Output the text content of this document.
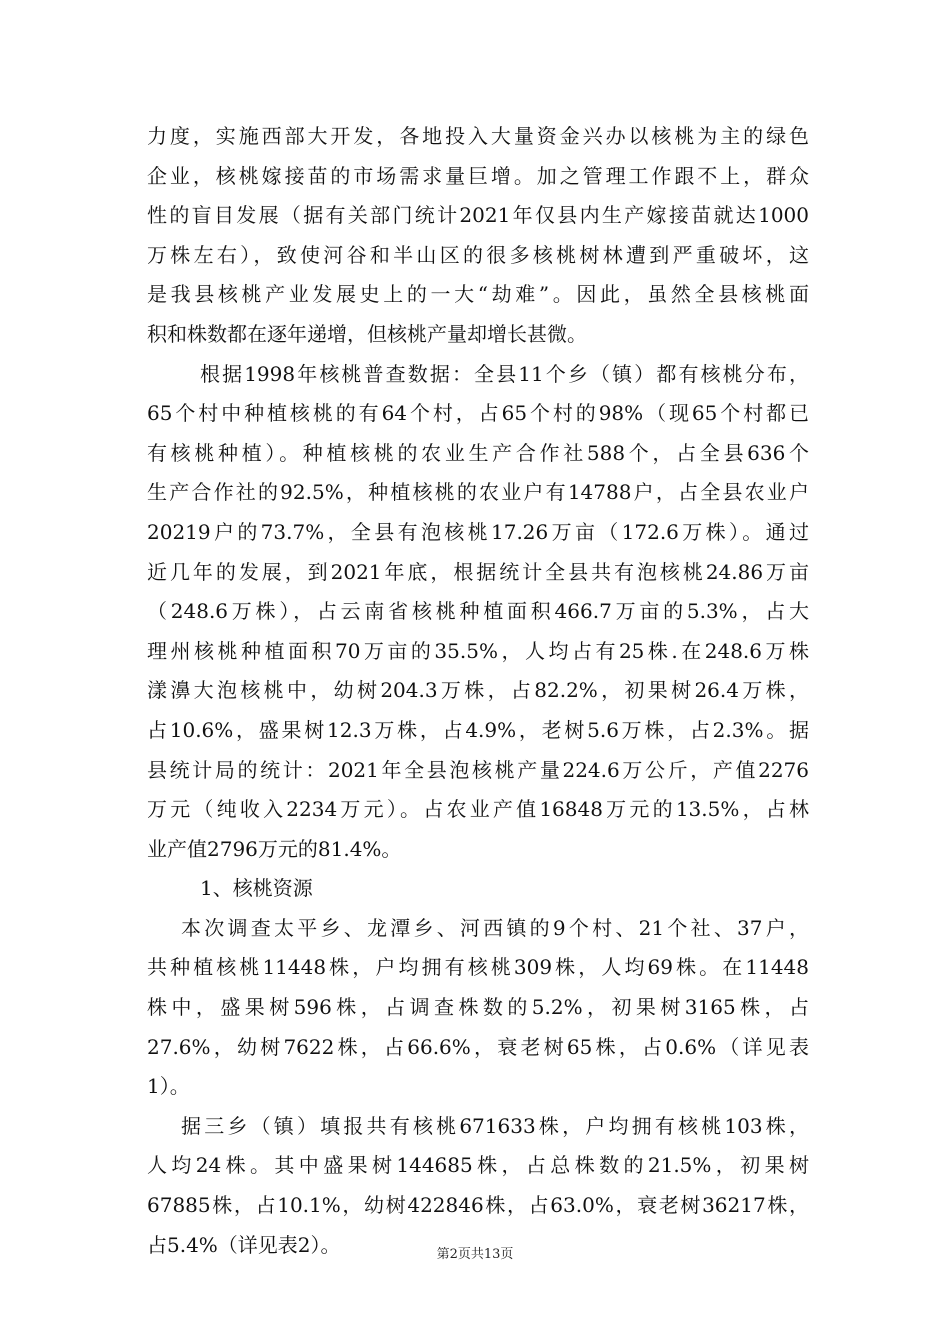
力度，实施西部大开发，各地投入大量资金兴办以核桃为主的绿色
企业，核桃嫁接苗的市场需求量巨增。加之管理工作跟不上，群众
性的盲目发展（据有关部门统计2021年仅县内生产嫁接苗就达1000
万株左右），致使河谷和半山区的很多核桃树林遭到严重破坏，这
是我县核桃产业发展史上的一大“劫难”。因此，虽然全县核桃面
积和株数都在逐年递增，但核桃产量却增长甚微。
根据1998年核桃普查数据：全县11个乡（镇）都有核桃分布，
65个村中种植核桃的有64个村，占65个村的98%（现65个村都已
有核桃种植）。种植核桃的农业生产合作社588个，占全县636个
生产合作社的92.5%，种植核桃的农业户有14788户，占全县农业户
20219户的73.7%，全县有泡核桃17.26万亩（172.6万株）。通过
近几年的发展，到2021年底，根据统计全县共有泡核桃24.86万亩
（248.6万株），占云南省核桃种植面积466.7万亩的5.3%，占大
理州核桃种植面积70万亩的35.5%，人均占有25株.在248.6万株
漾濞大泡核桃中，幼树204.3万株，占82.2%，初果树26.4万株，
占10.6%，盛果树12.3万株，占4.9%，老树5.6万株，占2.3%。据
县统计局的统计：2021年全县泡核桃产量224.6万公斤，产值2276
万元（纯收入2234万元）。占农业产值16848万元的13.5%，占林
业产值2796万元的81.4%。
1、核桃资源
本次调查太平乡、龙潭乡、河西镇的9个村、21个社、37户，
共种植核桃11448株，户均拥有核桃309株，人均69株。在11448
株中，盛果树596株，占调查株数的5.2%，初果树3165株，占
27.6%，幼树7622株，占66.6%，衰老树65株，占0.6%（详见表
1）。
据三乡（镇）填报共有核桃671633株，户均拥有核桃103株，
人均24株。其中盛果树144685株，占总株数的21.5%，初果树
67885株，占10.1%，幼树422846株，占63.0%，衰老树36217株，
占5.4%（详见表2）。	第2页共13页
